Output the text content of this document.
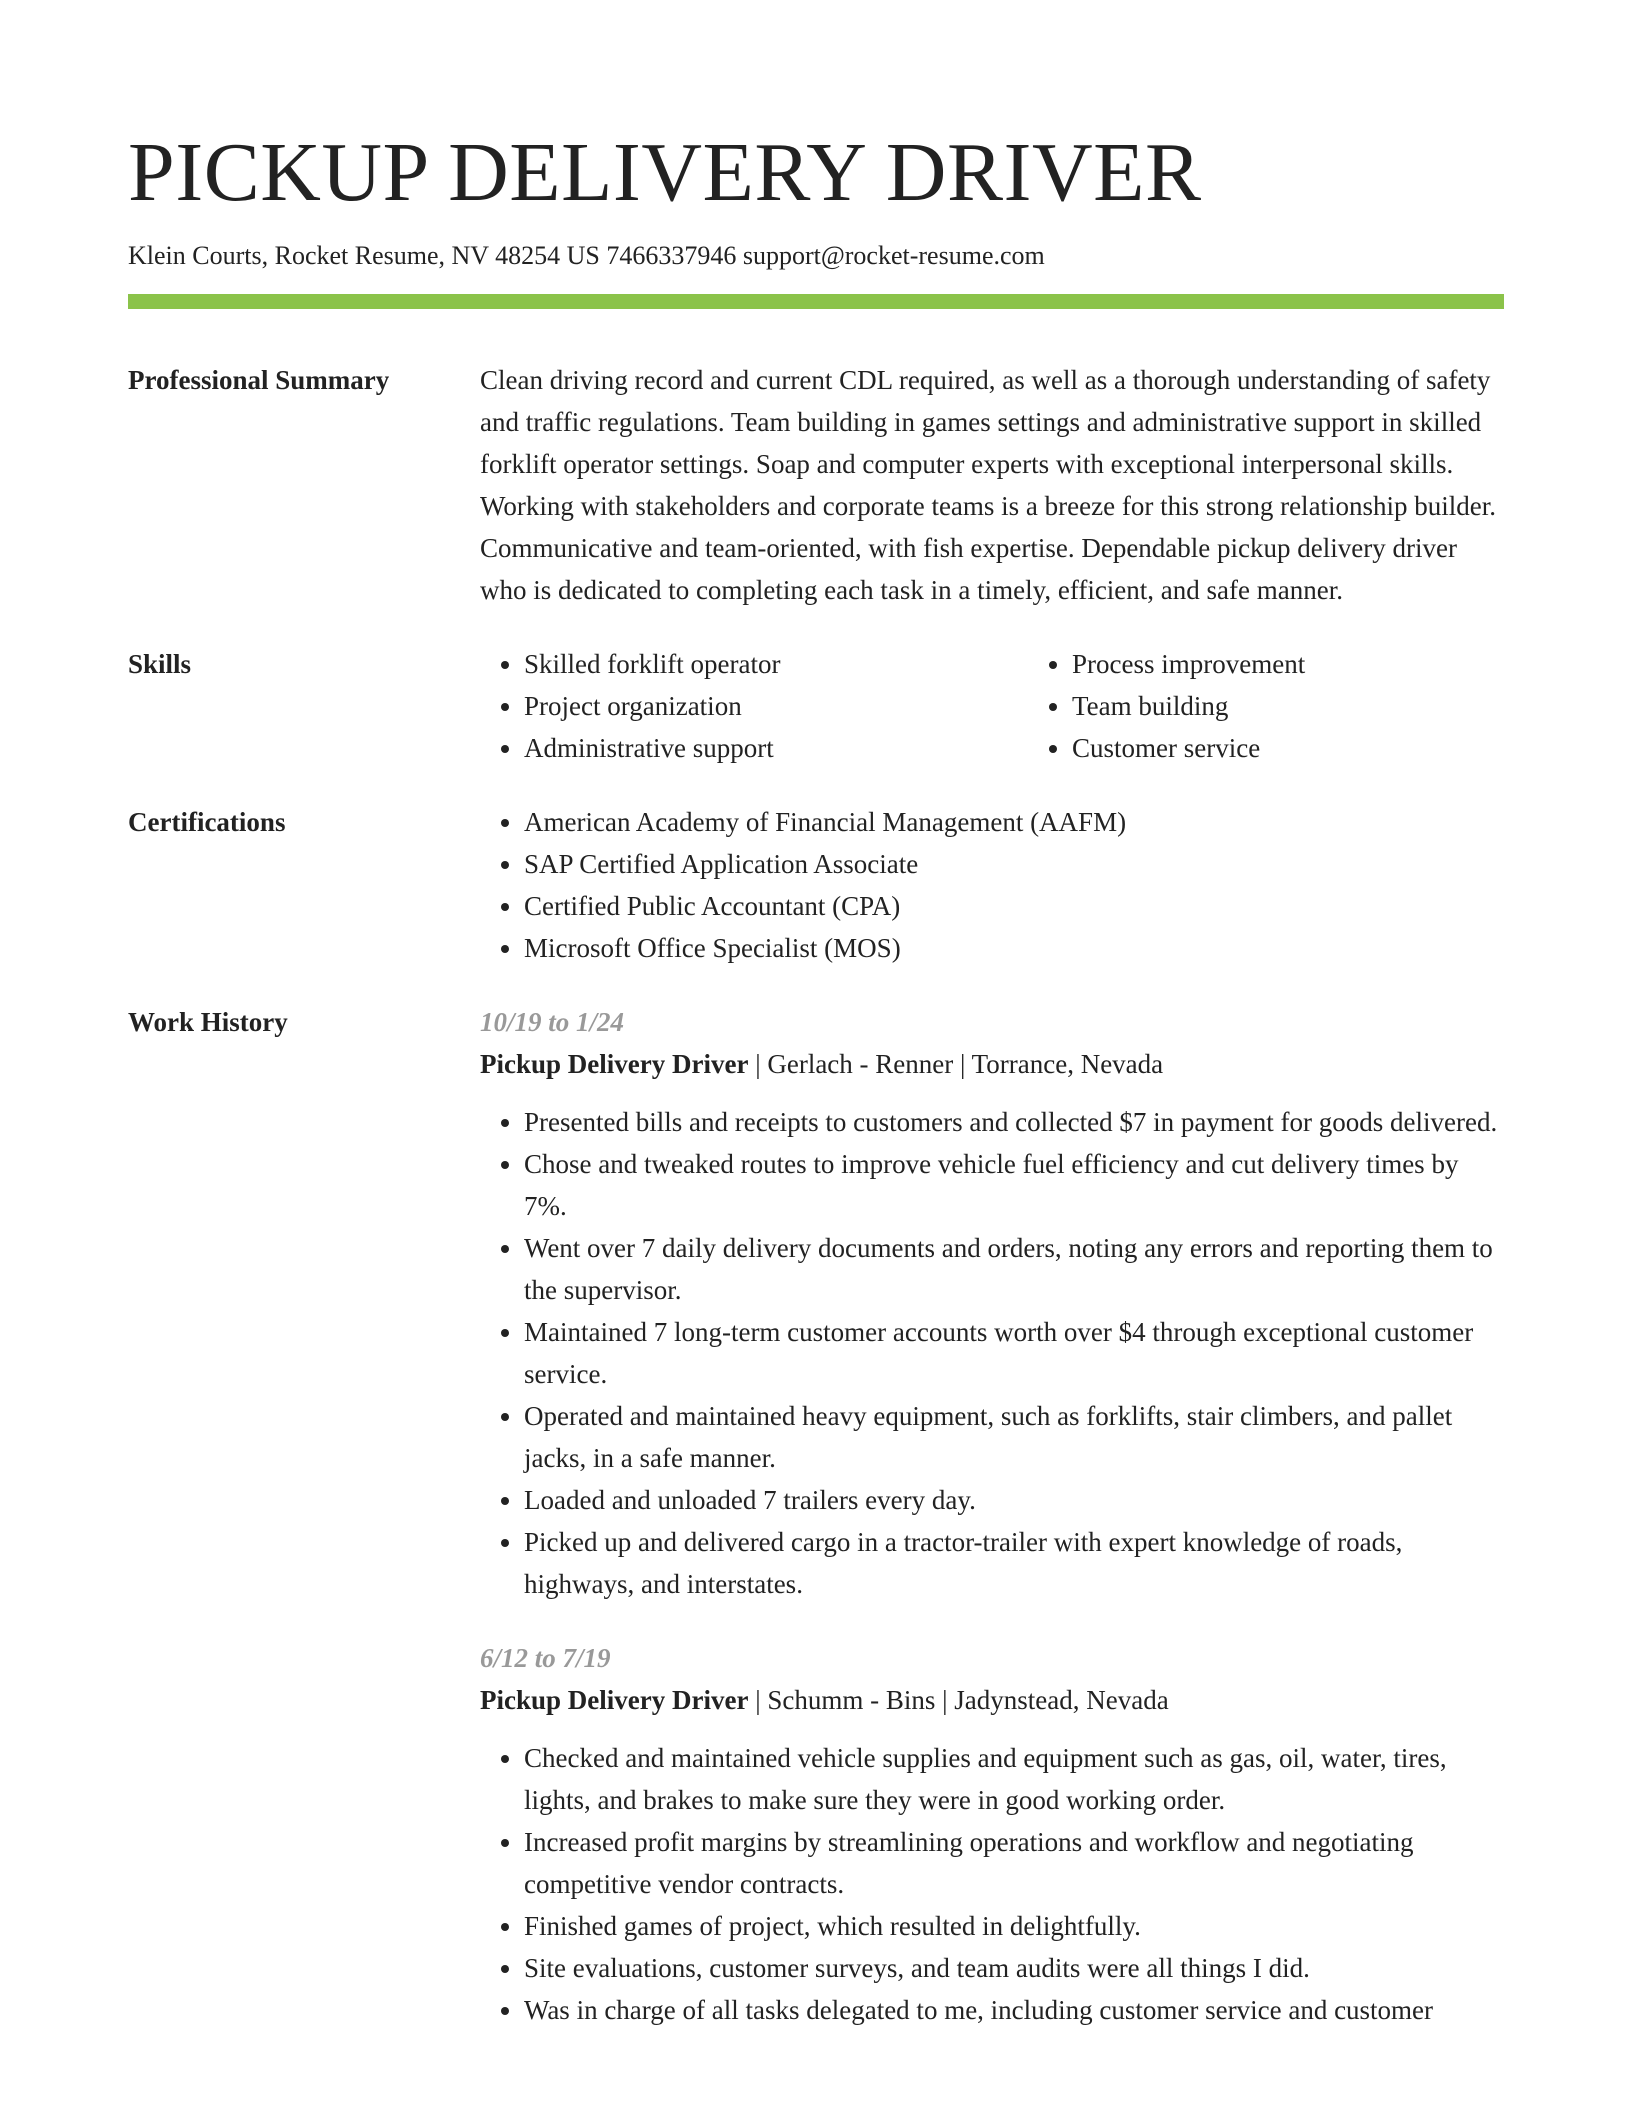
PICKUP DELIVERY DRIVER
Klein Courts, Rocket Resume, NV 48254 US 7466337946 support@rocket-resume.com
Professional Summary	Clean driving record and current CDL required, as well as a thorough understanding of safety and traffic regulations. Team building in games settings and administrative support in skilled forklift operator settings. Soap and computer experts with exceptional interpersonal skills. Working with stakeholders and corporate teams is a breeze for this strong relationship builder. Communicative and team-oriented, with fish expertise. Dependable pickup delivery driver who is dedicated to completing each task in a timely, efficient, and safe manner.
Skills	• Skilled forklift operator
• Project organization
• Administrative support
• Process improvement
• Team building
• Customer service
Certifications	• American Academy of Financial Management (AAFM)
• SAP Certified Application Associate
• Certified Public Accountant (CPA)
• Microsoft Office Specialist (MOS)
Work History	10/19 to 1/24
Pickup Delivery Driver | Gerlach - Renner | Torrance, Nevada
• Presented bills and receipts to customers and collected $7 in payment for goods delivered.
• Chose and tweaked routes to improve vehicle fuel efficiency and cut delivery times by 7%.
• Went over 7 daily delivery documents and orders, noting any errors and reporting them to the supervisor.
• Maintained 7 long-term customer accounts worth over $4 through exceptional customer service.
• Operated and maintained heavy equipment, such as forklifts, stair climbers, and pallet jacks, in a safe manner.
• Loaded and unloaded 7 trailers every day.
• Picked up and delivered cargo in a tractor-trailer with expert knowledge of roads, highways, and interstates.
6/12 to 7/19
Pickup Delivery Driver | Schumm - Bins | Jadynstead, Nevada
• Checked and maintained vehicle supplies and equipment such as gas, oil, water, tires, lights, and brakes to make sure they were in good working order.
• Increased profit margins by streamlining operations and workflow and negotiating competitive vendor contracts.
• Finished games of project, which resulted in delightfully.
• Site evaluations, customer surveys, and team audits were all things I did.
• Was in charge of all tasks delegated to me, including customer service and customer
